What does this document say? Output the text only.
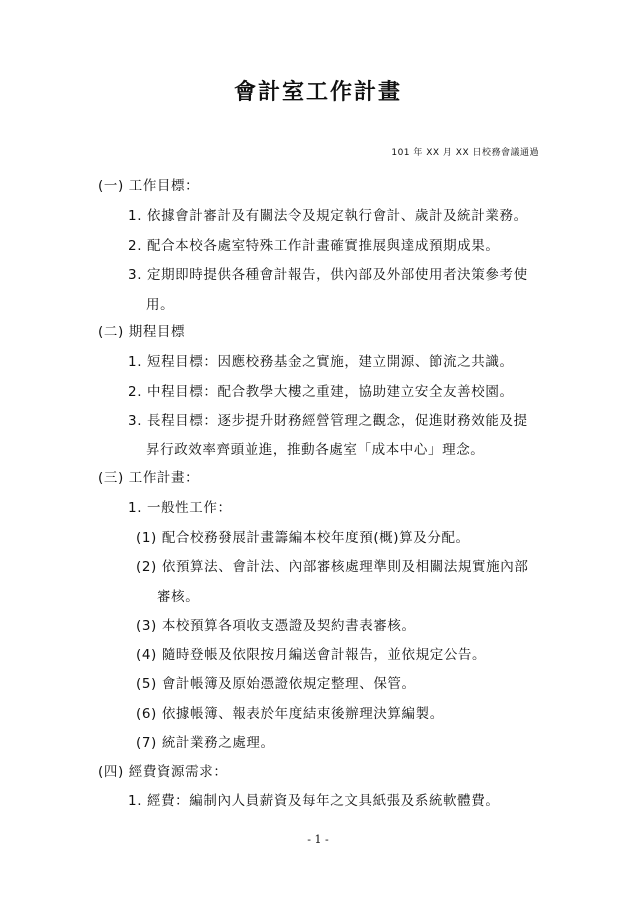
會計室工作計畫
101 年 XX 月 XX 日校務會議通過
(一) 工作目標：
1. 依據會計審計及有關法令及規定執行會計、歲計及統計業務。
2. 配合本校各處室特殊工作計畫確實推展與達成預期成果。
3. 定期即時提供各種會計報告，供內部及外部使用者決策參考使
用。
(二) 期程目標
1. 短程目標：因應校務基金之實施，建立開源、節流之共識。
2. 中程目標：配合教學大樓之重建，協助建立安全友善校園。
3. 長程目標：逐步提升財務經營管理之觀念，促進財務效能及提
昇行政效率齊頭並進，推動各處室「成本中心」理念。
(三) 工作計畫：
1. 一般性工作：
(1) 配合校務發展計畫籌編本校年度預(概)算及分配。
(2) 依預算法、會計法、內部審核處理準則及相關法規實施內部
審核。
(3) 本校預算各項收支憑證及契約書表審核。
(4) 隨時登帳及依限按月編送會計報告，並依規定公告。
(5) 會計帳簿及原始憑證依規定整理、保管。
(6) 依據帳簿、報表於年度結束後辦理決算編製。
(7) 統計業務之處理。
(四) 經費資源需求：
1. 經費：編制內人員薪資及每年之文具紙張及系統軟體費。
- 1 -
